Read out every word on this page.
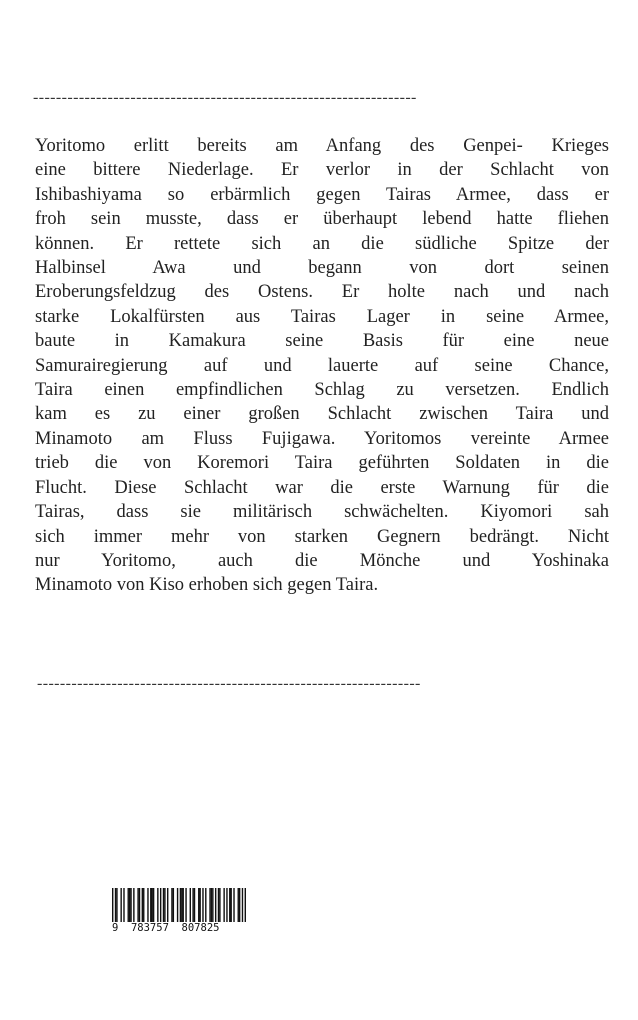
-------------------------------------------------------------------

Yoritomo erlitt bereits am Anfang des Genpei- Krieges
eine bittere Niederlage. Er verlor in der Schlacht von
Ishibashiyama so erbärmlich gegen Tairas Armee, dass er
froh sein musste, dass er überhaupt lebend hatte fliehen
können. Er rettete sich an die südliche Spitze der
Halbinsel Awa und begann von dort seinen
Eroberungsfeldzug des Ostens. Er holte nach und nach
starke Lokalfürsten aus Tairas Lager in seine Armee,
baute in Kamakura seine Basis für eine neue
Samurairegierung auf und lauerte auf seine Chance,
Taira einen empfindlichen Schlag zu versetzen. Endlich
kam es zu einer großen Schlacht zwischen Taira und
Minamoto am Fluss Fujigawa. Yoritomos vereinte Armee
trieb die von Koremori Taira geführten Soldaten in die
Flucht. Diese Schlacht war die erste Warnung für die
Tairas, dass sie militärisch schwächelten. Kiyomori sah
sich immer mehr von starken Gegnern bedrängt. Nicht
nur Yoritomo, auch die Mönche und Yoshinaka
Minamoto von Kiso erhoben sich gegen Taira.

-------------------------------------------------------------------
9  783757  807825
